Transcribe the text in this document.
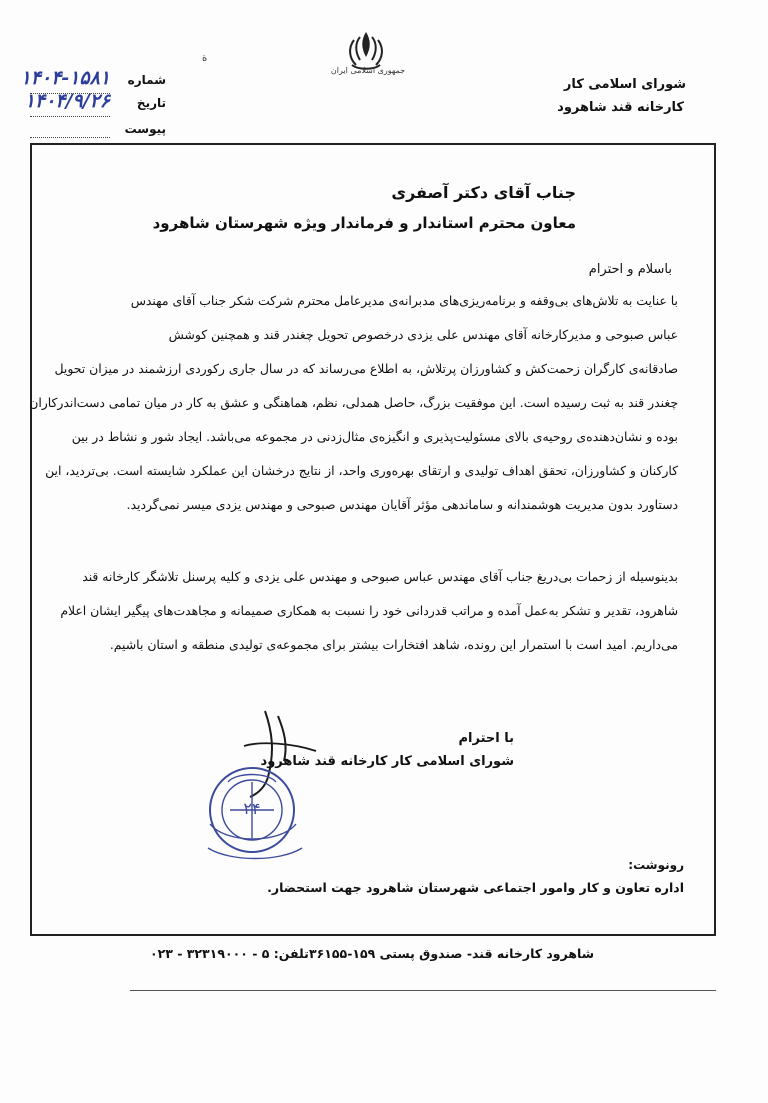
جمهوری اسلامی ایران
ة
شورای اسلامی کار
کارخانه قند شاهرود
شماره
۱۴۰۴-۱۵۸۱
تاریخ
۱۴۰۴/۹/۲۶
پیوست
جناب آقای دکتر آصفری
معاون محترم استاندار و فرماندار ویژه شهرستان شاهرود
باسلام و احترام
با عنایت به تلاش‌های بی‌وقفه و برنامه‌ریزی‌های مدبرانه‌ی مدیرعامل محترم شرکت شکر جناب آقای مهندس
عباس صبوحی و مدیرکارخانه آقای مهندس علی یزدی درخصوص تحویل چغندر قند و همچنین کوشش
صادقانه‌ی کارگران زحمت‌کش و کشاورزان پرتلاش، به اطلاع می‌رساند که در سال جاری رکوردی ارزشمند در میزان تحویل
چغندر قند به ثبت رسیده است. این موفقیت بزرگ، حاصل همدلی، نظم، هماهنگی و عشق به کار در میان تمامی دست‌اندرکاران
بوده و نشان‌دهنده‌ی روحیه‌ی بالای مسئولیت‌پذیری و انگیزه‌ی مثال‌زدنی در مجموعه می‌باشد. ایجاد شور و نشاط در بین
کارکنان و کشاورزان، تحقق اهداف تولیدی و ارتقای بهره‌وری واحد، از نتایج درخشان این عملکرد شایسته است. بی‌تردید، این
دستاورد بدون مدیریت هوشمندانه و ساماندهی مؤثر آقایان مهندس صبوحی و مهندس یزدی میسر نمی‌گردید.
بدینوسیله از زحمات بی‌دریغ جناب آقای مهندس عباس صبوحی و مهندس علی یزدی و کلیه پرسنل تلاشگر کارخانه قند
شاهرود، تقدیر و تشکر به‌عمل آمده و مراتب قدردانی خود را نسبت به همکاری صمیمانه و مجاهدت‌های پیگیر ایشان اعلام
می‌داریم. امید است با استمرار این رونده، شاهد افتخارات بیشتر برای مجموعه‌ی تولیدی منطقه و استان باشیم.
۲۴
با احترام
شورای اسلامی کار کارخانه قند شاهرود
رونوشت:
اداره تعاون و کار وامور اجتماعی شهرستان شاهرود جهت استحضار.
شاهرود کارخانه قند- صندوق پستی ۱۵۹-۳۶۱۵۵
تلفن: ۵ - ۳۲۳۱۹۰۰۰ - ۰۲۳
